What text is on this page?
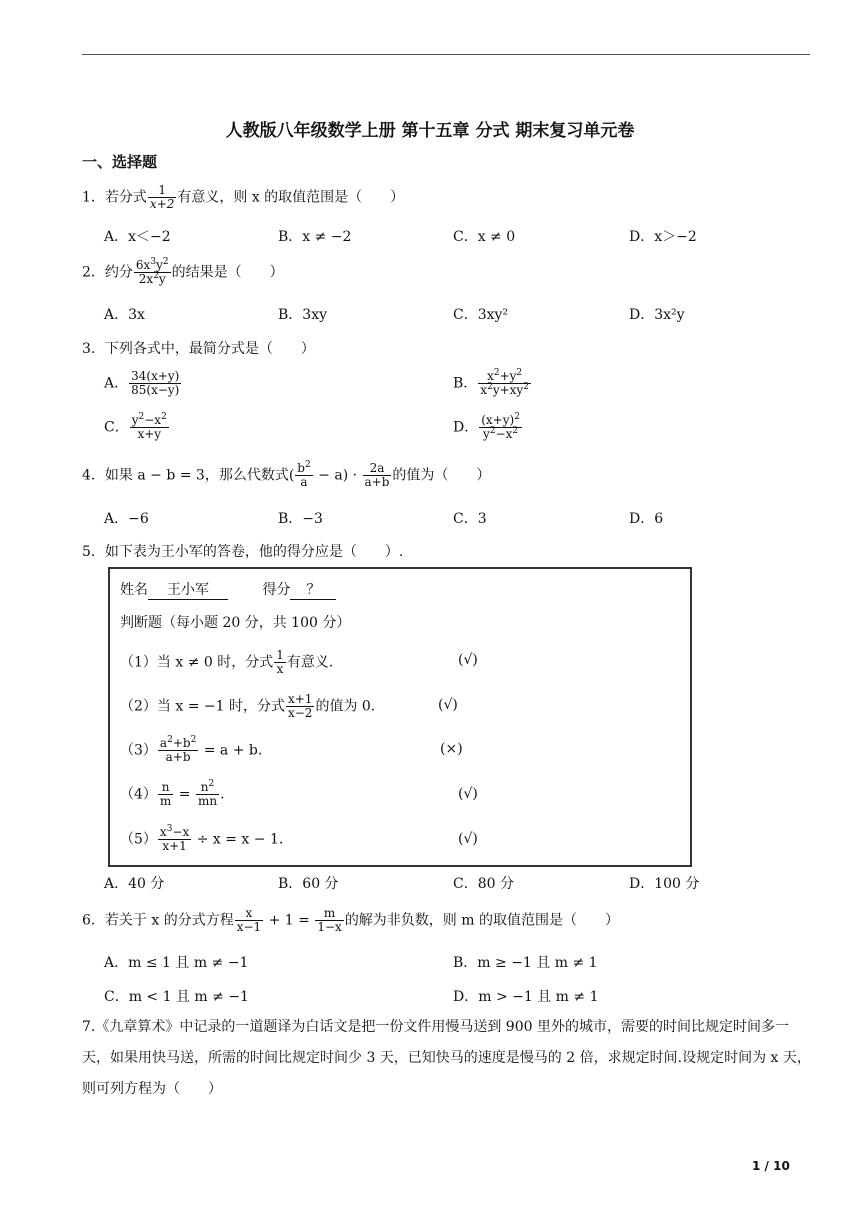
人教版八年级数学上册 第十五章 分式 期末复习单元卷
一、选择题
1．若分式 $\frac{1}{x+2}$ 有意义，则 x 的取值范围是（　　）
A．x＜−2	B．x ≠ −2	C．x ≠ 0	D．x＞−2
2．约分 $\frac{6x^3y^2}{2x^2y}$ 的结果是（　　）
A．3x	B．3xy	C．3xy²	D．3x²y
3．下列各式中，最简分式是（　　）
A． $\frac{34(x+y)}{85(x-y)}$	B． $\frac{x^2+y^2}{x^2y+xy^2}$
C． $\frac{y^2-x^2}{x+y}$	D． $\frac{(x+y)^2}{y^2-x^2}$
4．如果 a − b = 3，那么代数式( $\frac{b^2}{a} - a) \cdot \frac{2a}{a+b}$ 的值为（　　）
A．−6	B．−3	C．3	D．6
5．如下表为王小军的答卷，他的得分应是（　　）.
姓名 王小军	得分 ？
判断题（每小题 20 分，共 100 分）
（1）当 x ≠ 0 时，分式 $\frac{1}{x}$ 有意义.	(√)
（2）当 x = −1 时，分式 $\frac{x+1}{x-2}$ 的值为 0.	(√)
$(3) \frac{a^2+b^2}{a+b} = a + b$.	(×)
$(4) \frac{n}{m} = \frac{n^2}{mn}$ .	(√)
$(5) \frac{x^3-x}{x+1} \div x = x - 1$.	(√)
A．40 分	B．60 分	C．80 分	D．100 分
6．若关于 x 的分式方程 $\frac{x}{x-1} + 1 = \frac{m}{1-x}$ 的解为非负数，则 m 的取值范围是（　　）
A．m ≤ 1 且 m ≠ −1	B．m ≥ −1 且 m ≠ 1
C．m < 1 且 m ≠ −1	D．m > −1 且 m ≠ 1
7.《九章算术》中记录的一道题译为白话文是把一份文件用慢马送到 900 里外的城市，需要的时间比规定时间多一天，如果用快马送，所需的时间比规定时间少 3 天，已知快马的速度是慢马的 2 倍，求规定时间.设规定时间为 x 天，则可列方程为（　　）
1 / 10
